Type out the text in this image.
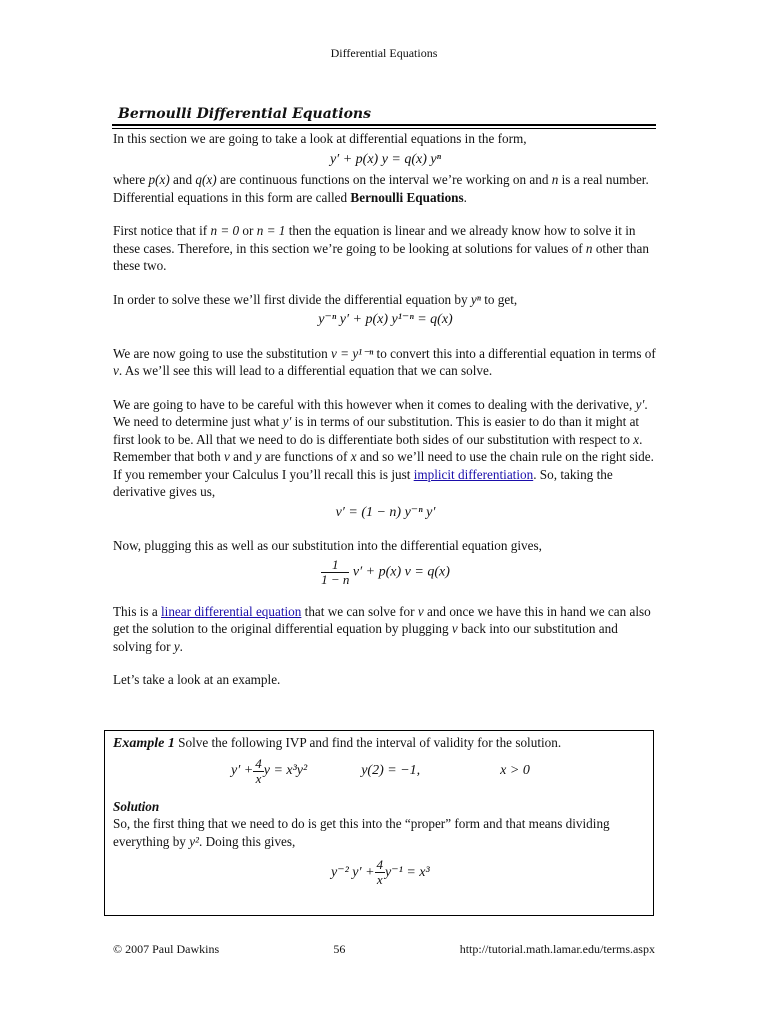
Differential Equations
Bernoulli Differential Equations

In this section we are going to take a look at differential equations in the form,

y′ + p(x) y = q(x) yⁿ

where p(x) and q(x) are continuous functions on the interval we’re working on and n is a real number. Differential equations in this form are called Bernoulli Equations.

First notice that if n = 0 or n = 1 then the equation is linear and we already know how to solve it in these cases. Therefore, in this section we’re going to be looking at solutions for values of n other than these two.

In order to solve these we’ll first divide the differential equation by yⁿ to get,

y⁻ⁿ y′ + p(x) y¹⁻ⁿ = q(x)

We are now going to use the substitution v = y¹⁻ⁿ to convert this into a differential equation in terms of v. As we’ll see this will lead to a differential equation that we can solve.

We are going to have to be careful with this however when it comes to dealing with the derivative, y′. We need to determine just what y′ is in terms of our substitution. This is easier to do than it might at first look to be. All that we need to do is differentiate both sides of our substitution with respect to x. Remember that both v and y are functions of x and so we’ll need to use the chain rule on the right side. If you remember your Calculus I you’ll recall this is just implicit differentiation. So, taking the derivative gives us,

v′ = (1 − n) y⁻ⁿ y′

Now, plugging this as well as our substitution into the differential equation gives,

$\frac{1}{1 - n} v' + p(x) v = q(x)$

This is a linear differential equation that we can solve for v and once we have this in hand we can also get the solution to the original differential equation by plugging v back into our substitution and solving for y.

Let’s take a look at an example.

Example 1 Solve the following IVP and find the interval of validity for the solution.
$y' + \frac{4}{x}$ y = x³y²	y(2) = −1,	x > 0
Solution

So, the first thing that we need to do is get this into the “proper” form and that means dividing everything by y². Doing this gives,

y⁻² $y' + \frac{4}{x} y^{-1} = x^3$
© 2007 Paul Dawkins	56	http://tutorial.math.lamar.edu/terms.aspx
